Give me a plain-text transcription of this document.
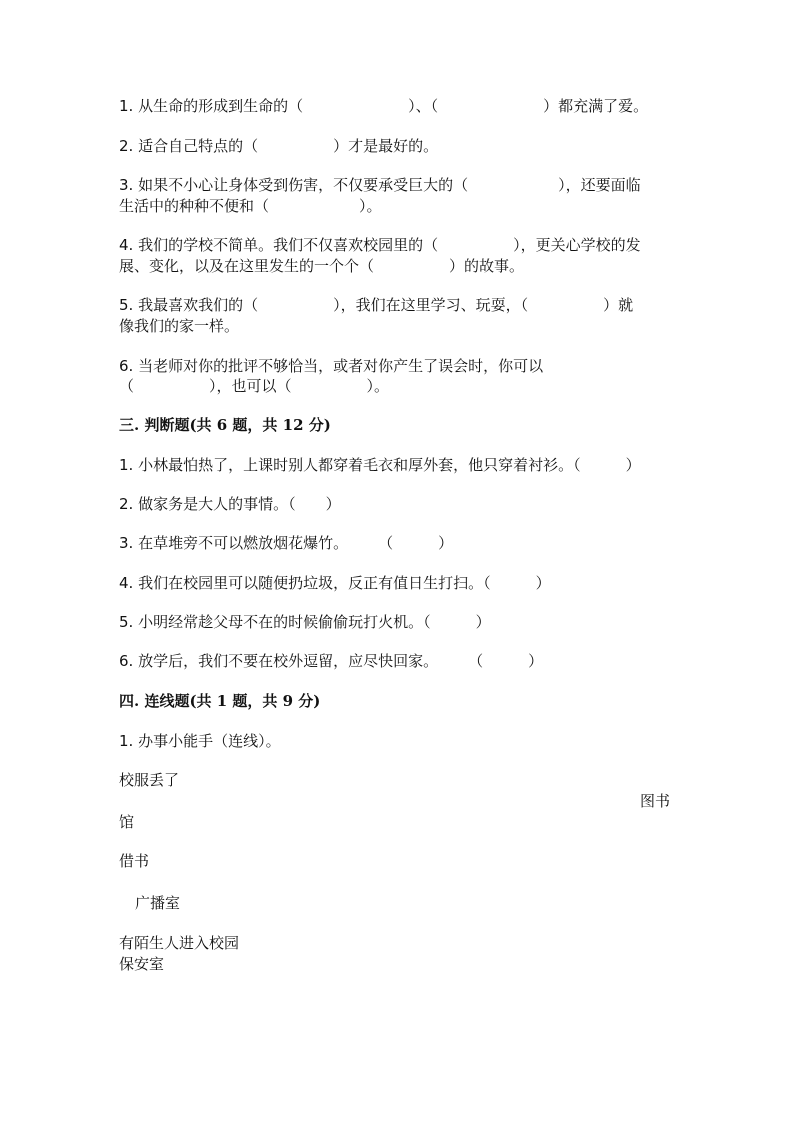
1. 从生命的形成到生命的（　　　　　　　）、（　　　　　　　）都充满了爱。

2. 适合自己特点的（　　　　　）才是最好的。

3. 如果不小心让身体受到伤害，不仅要承受巨大的（　　　　　　），还要面临

生活中的种种不便和（　　　　　　）。

4. 我们的学校不简单。我们不仅喜欢校园里的（　　　　　），更关心学校的发

展、变化，以及在这里发生的一个个（　　　　　）的故事。

5. 我最喜欢我们的（　　　　　），我们在这里学习、玩耍，（　　　　　）就

像我们的家一样。

6. 当老师对你的批评不够恰当，或者对你产生了误会时，你可以

（　　　　　），也可以（　　　　　）。

三. 判断题(共 6 题，共 12 分)

1. 小林最怕热了，上课时别人都穿着毛衣和厚外套，他只穿着衬衫。（　　　）

2. 做家务是大人的事情。（　　）

3. 在草堆旁不可以燃放烟花爆竹。　　　（　　　）

4. 我们在校园里可以随便扔垃圾，反正有值日生打扫。（　　　）

5. 小明经常趁父母不在的时候偷偷玩打火机。（　　　）

6. 放学后，我们不要在校外逗留，应尽快回家。　　　（　　　）

四. 连线题(共 1 题，共 9 分)

1. 办事小能手（连线）。

校服丢了

图书

馆

借书

广播室

有陌生人进入校园

保安室
